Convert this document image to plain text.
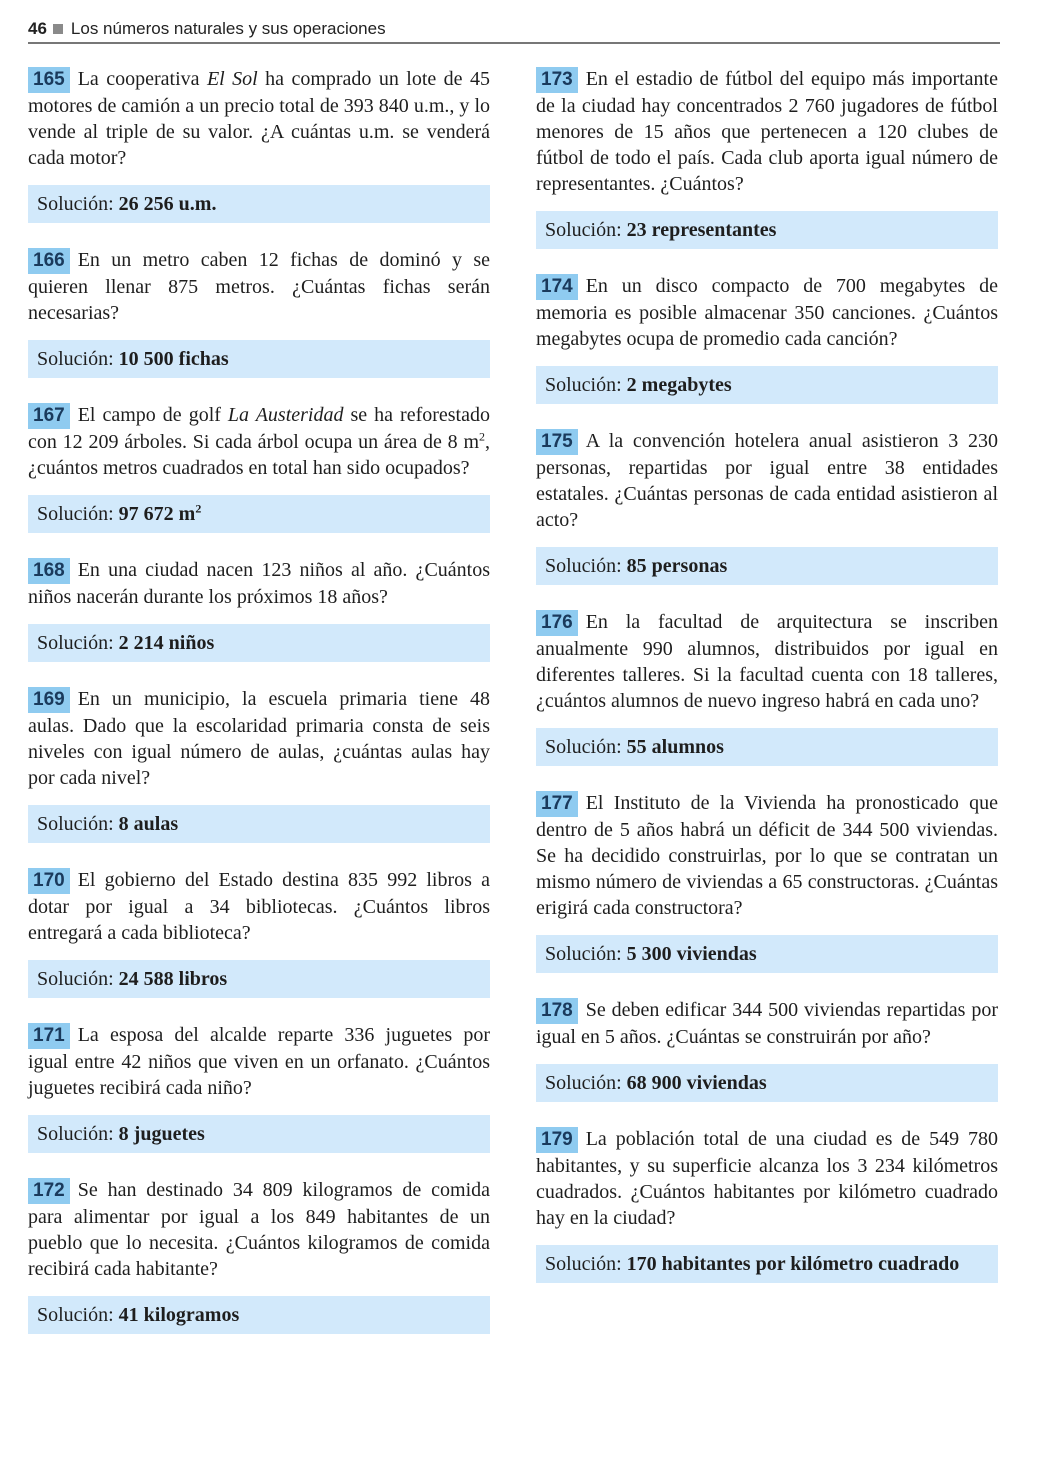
46 Los números naturales y sus operaciones

165 La cooperativa El Sol ha comprado un lote de 45 motores de camión a un precio total de 393 840 u.m., y lo vende al triple de su valor. ¿A cuántas u.m. se venderá cada motor?

Solución: 26 256 u.m.

166 En un metro caben 12 fichas de dominó y se quieren llenar 875 metros. ¿Cuántas fichas serán necesarias?

Solución: 10 500 fichas

167 El campo de golf La Austeridad se ha reforestado con 12 209 árboles. Si cada árbol ocupa un área de 8 $m^2$, ¿cuántos metros cuadrados en total han sido ocupados?

Solución: 97 672 $m^2$

168 En una ciudad nacen 123 niños al año. ¿Cuántos niños nacerán durante los próximos 18 años?

Solución: 2 214 niños

169 En un municipio, la escuela primaria tiene 48 aulas. Dado que la escolaridad primaria consta de seis niveles con igual número de aulas, ¿cuántas aulas hay por cada nivel?

Solución: 8 aulas

170 El gobierno del Estado destina 835 992 libros a dotar por igual a 34 bibliotecas. ¿Cuántos libros entregará a cada biblioteca?

Solución: 24 588 libros

171 La esposa del alcalde reparte 336 juguetes por igual entre 42 niños que viven en un orfanato. ¿Cuántos juguetes recibirá cada niño?

Solución: 8 juguetes

172 Se han destinado 34 809 kilogramos de comida para alimentar por igual a los 849 habitantes de un pueblo que lo necesita. ¿Cuántos kilogramos de comida recibirá cada habitante?

Solución: 41 kilogramos

173 En el estadio de fútbol del equipo más importante de la ciudad hay concentrados 2 760 jugadores de fútbol menores de 15 años que pertenecen a 120 clubes de fútbol de todo el país. Cada club aporta igual número de representantes. ¿Cuántos?

Solución: 23 representantes

174 En un disco compacto de 700 megabytes de memoria es posible almacenar 350 canciones. ¿Cuántos megabytes ocupa de promedio cada canción?

Solución: 2 megabytes

175 A la convención hotelera anual asistieron 3 230 personas, repartidas por igual entre 38 entidades estatales. ¿Cuántas personas de cada entidad asistieron al acto?

Solución: 85 personas

176 En la facultad de arquitectura se inscriben anualmente 990 alumnos, distribuidos por igual en diferentes talleres. Si la facultad cuenta con 18 talleres, ¿cuántos alumnos de nuevo ingreso habrá en cada uno?

Solución: 55 alumnos

177 El Instituto de la Vivienda ha pronosticado que dentro de 5 años habrá un déficit de 344 500 viviendas. Se ha decidido construirlas, por lo que se contratan un mismo número de viviendas a 65 constructoras. ¿Cuántas erigirá cada constructora?

Solución: 5 300 viviendas

178 Se deben edificar 344 500 viviendas repartidas por igual en 5 años. ¿Cuántas se construirán por año?

Solución: 68 900 viviendas

179 La población total de una ciudad es de 549 780 habitantes, y su superficie alcanza los 3 234 kilómetros cuadrados. ¿Cuántos habitantes por kilómetro cuadrado hay en la ciudad?

Solución: 170 habitantes por kilómetro cuadrado
